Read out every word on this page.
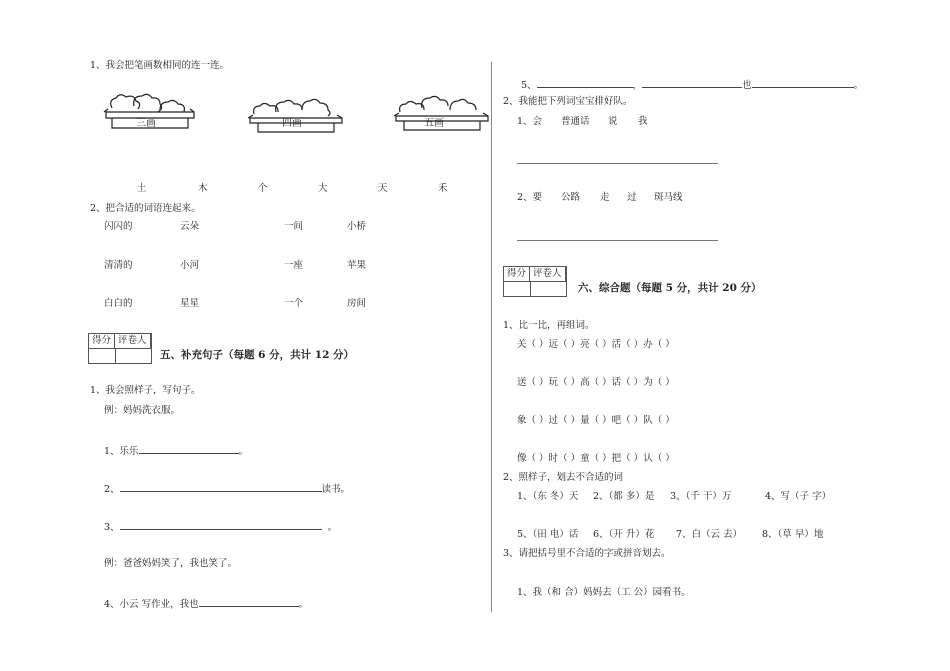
1、我会把笔画数相同的连一连。
三画	四画	五画
土	木	个	大	天	禾
2、把合适的词语连起来。
闪闪的	云朵	一间	小桥
清清的	小河	一座	苹果
白白的	星星	一个	房间
得分 评卷人
五、补充句子（每题 6 分，共计 12 分）
1、我会照样子，写句子。
例：妈妈洗衣服。
1、乐乐	。
2、	读书。
3、	。
例：爸爸妈妈笑了，我也笑了。
4、小云 写作业，我也	。
5、	，	也	。
2、我能把下列词宝宝排好队。
1、会 普通话 说 我
2、要 公路 走 过 斑马线
得分 评卷人
六、综合题（每题 5 分，共计 20 分）
1、比一比，再组词。
关（ ）远（ ）亮（ ）活（ ）办（ ）
送（ ）玩（ ）高（ ）话（ ）为（ ）
象（ ）过（ ）量（ ）吧（ ）队（ ）
像（ ）时（ ）童（ ）把（ ）认（ ）
2、照样子，划去不合适的词
1、（东 冬）天 2、（都 多）是 3、（千 干）万	4、写（子 字）
5、（田 电）话 6、（开 升）花 7、白（云 去） 8、（草 早）地
3、请把括号里不合适的字或拼音划去。
1、我（和 合）妈妈去（工 公）园看书。
